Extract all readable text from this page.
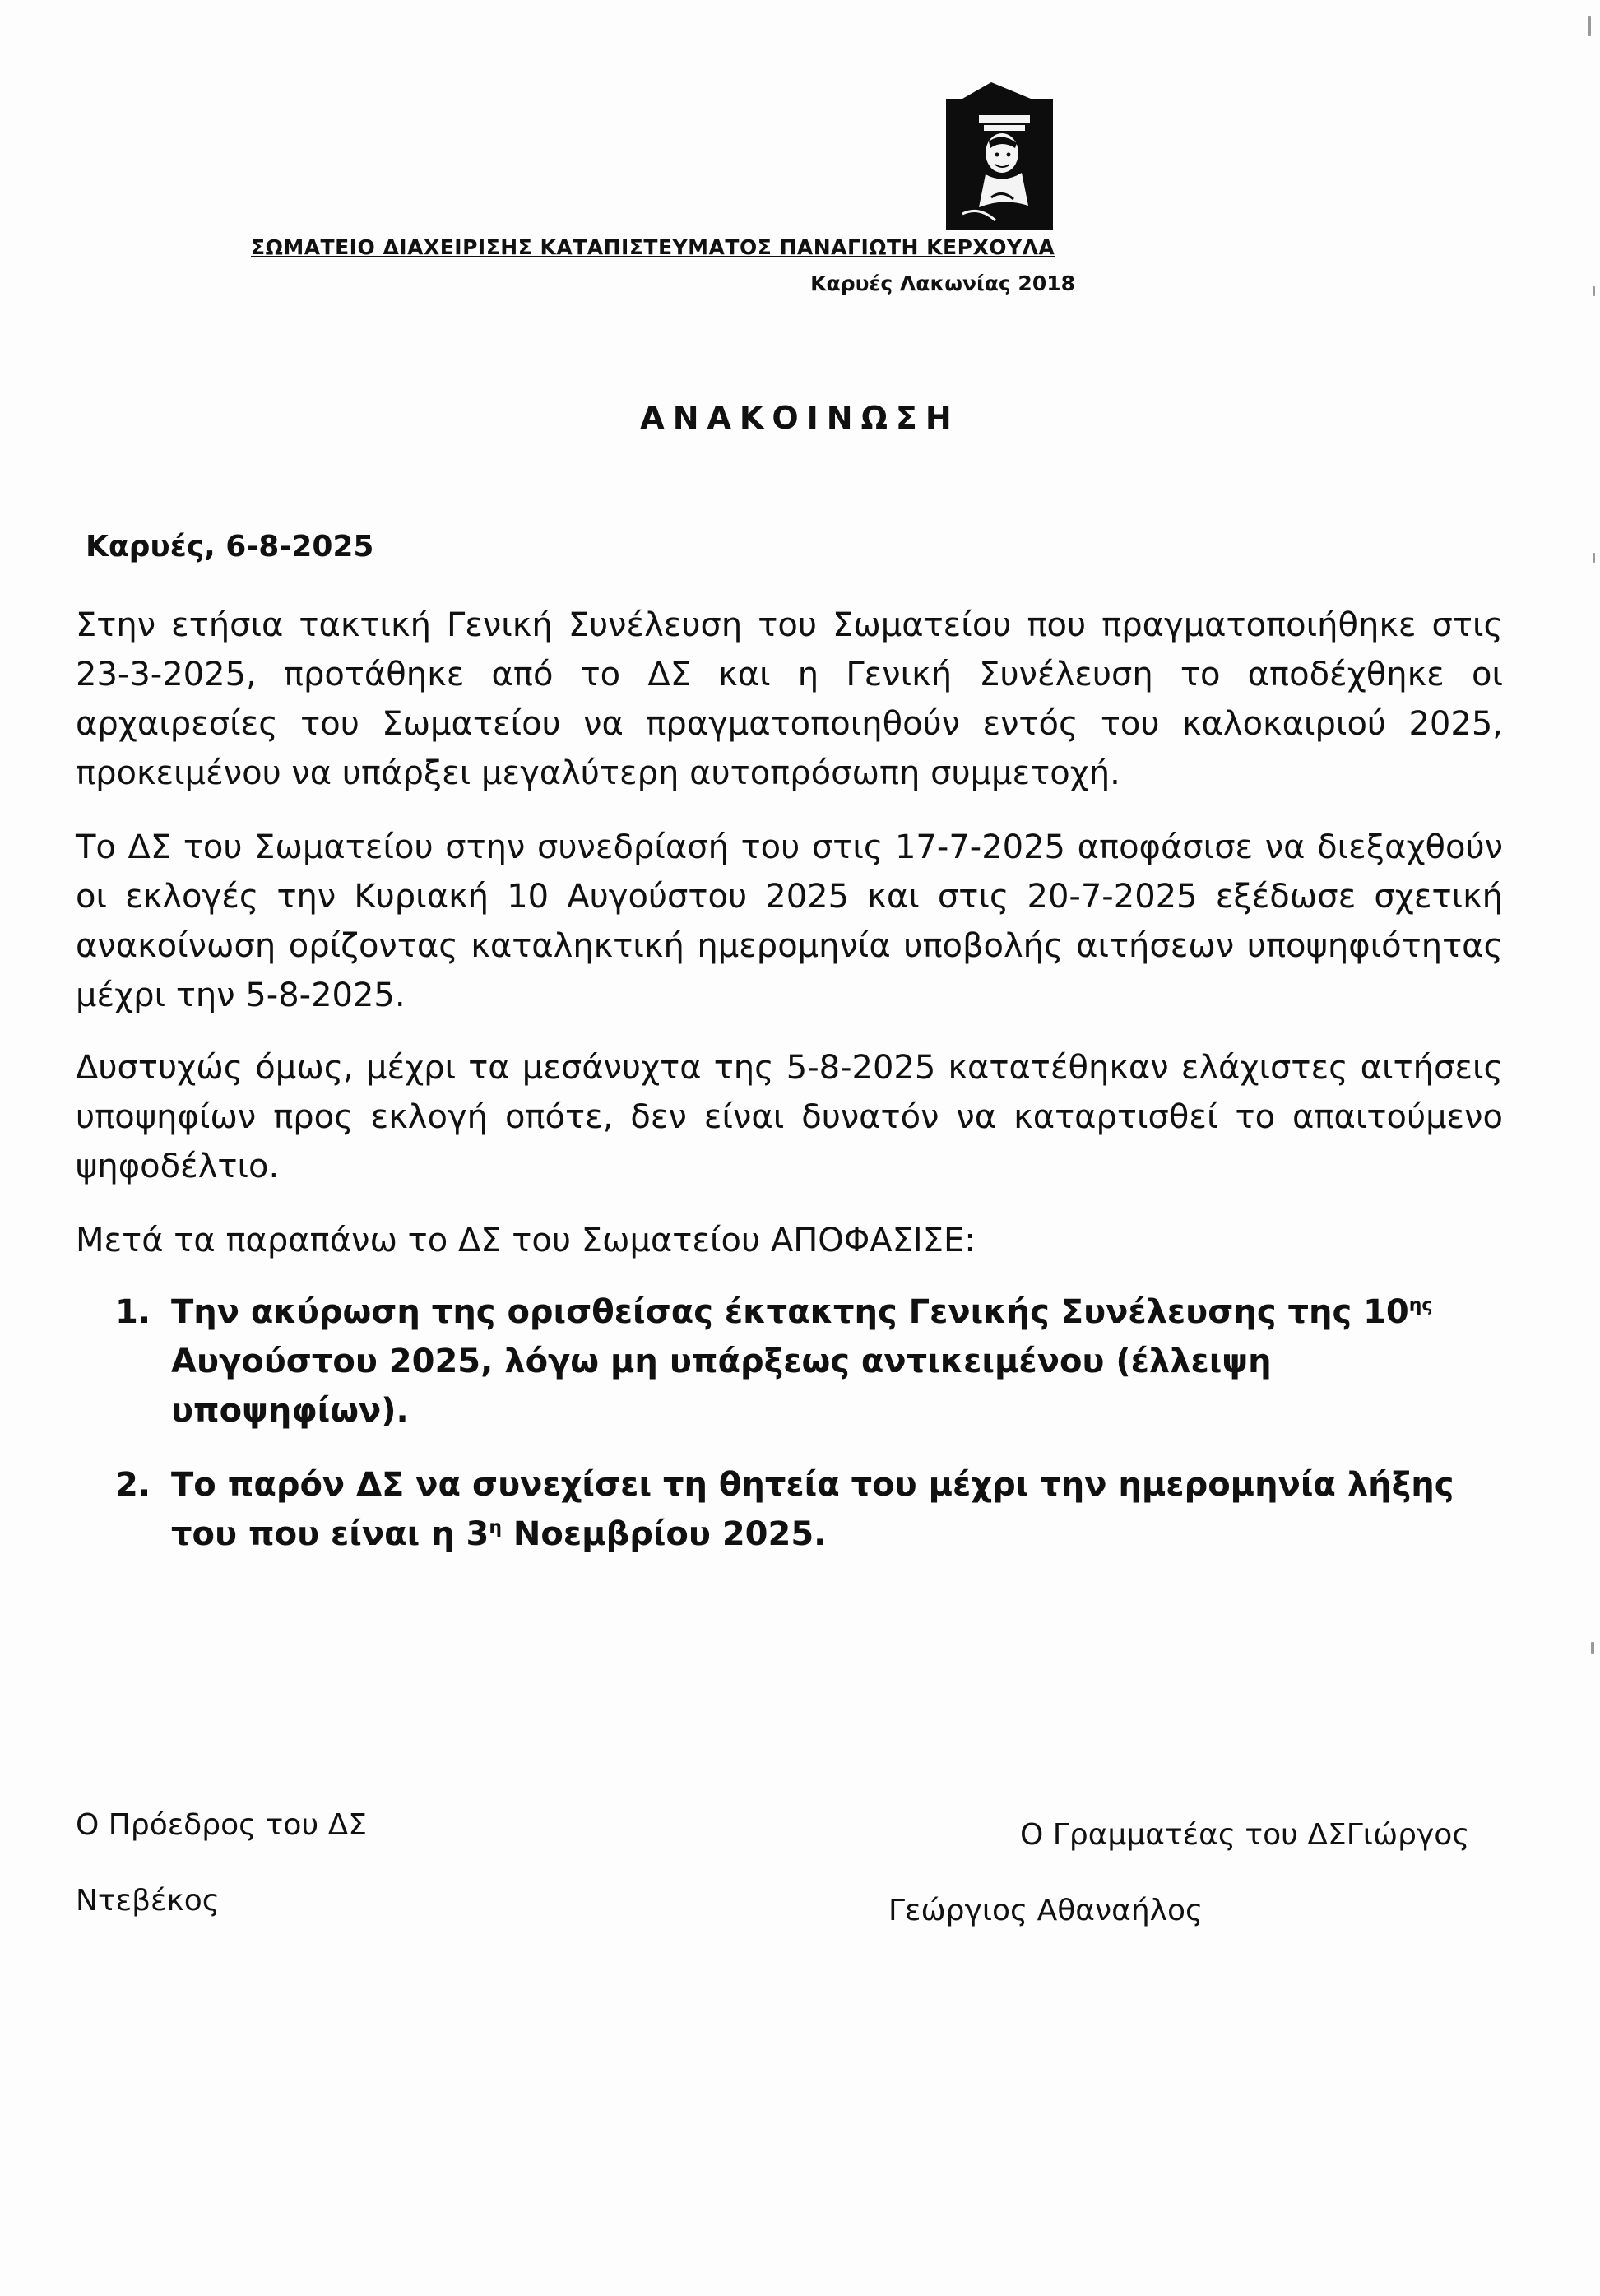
ΣΩΜΑΤΕΙΟ ΔΙΑΧΕΙΡΙΣΗΣ ΚΑΤΑΠΙΣΤΕΥΜΑΤΟΣ ΠΑΝΑΓΙΩΤΗ ΚΕΡΧΟΥΛΑ
Καρυές Λακωνίας 2018
ΑΝΑΚΟΙΝΩΣΗ
Καρυές, 6-8-2025
Στην ετήσια τακτική Γενική Συνέλευση του Σωματείου που πραγματοποιήθηκε στις 23-3-2025, προτάθηκε από το ΔΣ και η Γενική Συνέλευση το αποδέχθηκε οι αρχαιρεσίες του Σωματείου να πραγματοποιηθούν εντός του καλοκαιριού 2025, προκειμένου να υπάρξει μεγαλύτερη αυτοπρόσωπη συμμετοχή.
Το ΔΣ του Σωματείου στην συνεδρίασή του στις 17-7-2025 αποφάσισε να διεξαχθούν οι εκλογές την Κυριακή 10 Αυγούστου 2025 και στις 20-7-2025 εξέδωσε σχετική ανακοίνωση ορίζοντας καταληκτική ημερομηνία υποβολής αιτήσεων υποψηφιότητας μέχρι την 5-8-2025.
Δυστυχώς όμως, μέχρι τα μεσάνυχτα της 5-8-2025 κατατέθηκαν ελάχιστες αιτήσεις υποψηφίων προς εκλογή οπότε, δεν είναι δυνατόν να καταρτισθεί το απαιτούμενο ψηφοδέλτιο.
Μετά τα παραπάνω το ΔΣ του Σωματείου ΑΠΟΦΑΣΙΣΕ:
1. Την ακύρωση της ορισθείσας έκτακτης Γενικής Συνέλευσης της $10^{\eta\varsigma}$ Αυγούστου 2025, λόγω μη υπάρξεως αντικειμένου (έλλειψη υποψηφίων).
2. Το παρόν ΔΣ να συνεχίσει τη θητεία του μέχρι την ημερομηνία λήξης του που είναι η $3^\eta$ Νοεμβρίου 2025.
Ο Πρόεδρος του ΔΣ
Ντεβέκος
Ο Γραμματέας του ΔΣΓιώργος
Γεώργιος Αθαναήλος
